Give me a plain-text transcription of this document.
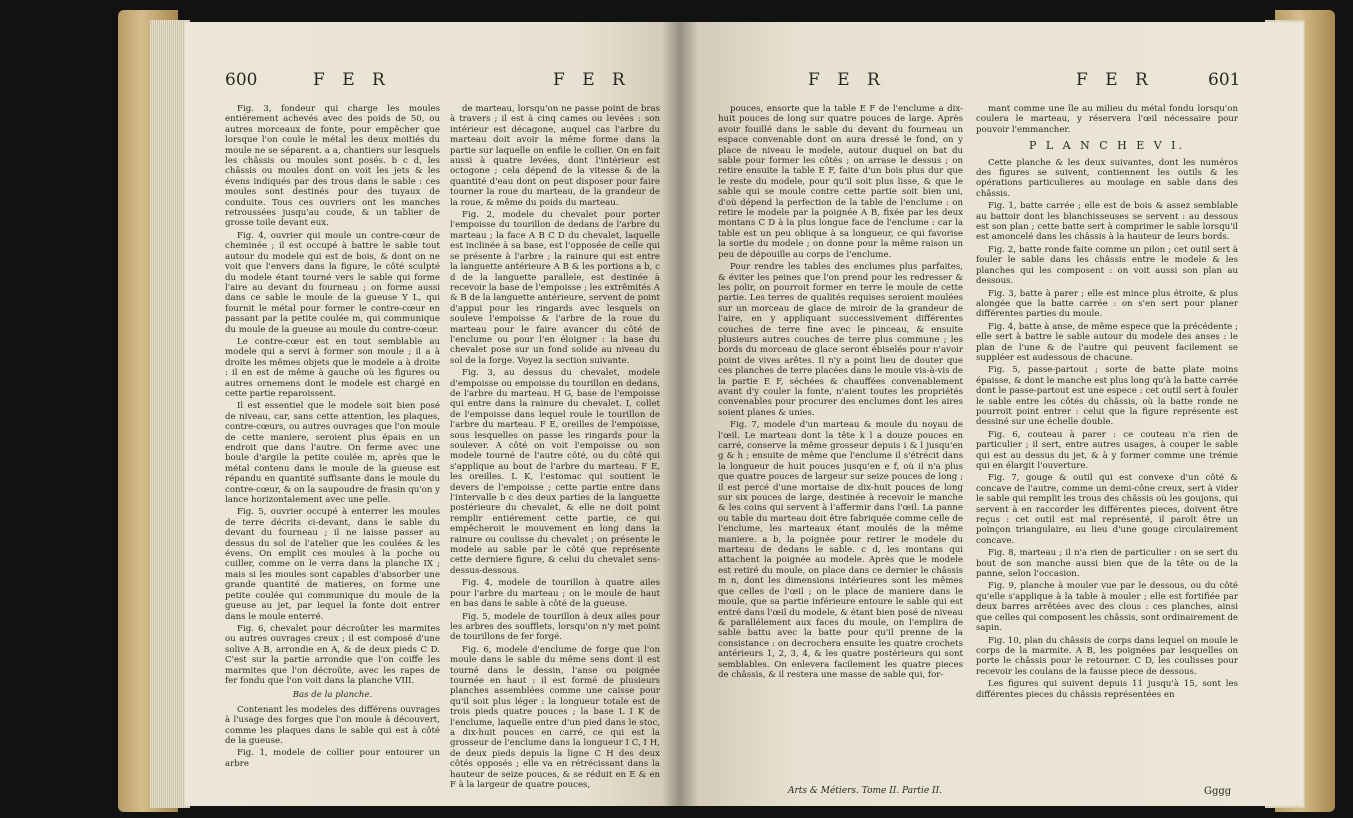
600	F E R	F E R

Fig. 3, fondeur qui charge les moules entiérement achevés avec des poids de 50, ou autres morceaux de fonte, pour empêcher que lorsque l'on coule le métal les deux moitiés du moule ne se séparent. a a, chantiers sur lesquels les châssis ou moules sont posés. b c d, les châssis ou moules dont on voit les jets & les évens indiqués par des trous dans le sable : ces moules sont destinés pour des tuyaux de conduite. Tous ces ouvriers ont les manches retroussées jusqu'au coude, & un tablier de grosse toile devant eux.

Fig. 4, ouvrier qui moule un contre-cœur de cheminée ; il est occupé à battre le sable tout autour du modele qui est de bois, & dont on ne voit que l'envers dans la figure, le côté sculpté du modele étant tourné vers le sable qui forme l'aire au devant du fourneau ; on forme aussi dans ce sable le moule de la gueuse Y L, qui fournit le métal pour former le contre-cœur en passant par la petite coulée m, qui communique du moule de la gueuse au moule du contre-cœur.

Le contre-cœur est en tout semblable au modele qui a servi à former son moule ; il a à droite les mêmes objets que le modele a à droite : il en est de même à gauche où les figures ou autres ornemens dont le modele est chargé en cette partie reparoissent.

Il est essentiel que le modele soit bien posé de niveau, car, sans cette attention, les plaques, contre-cœurs, ou autres ouvrages que l'on moule de cette maniere, seroient plus épais en un endroit que dans l'autre. On ferme avec une boule d'argile la petite coulée m, après que le métal contenu dans le moule de la gueuse est répandu en quantité suffisante dans le moule du contre-cœur, & on la saupoudre de frasin qu'on y lance horizontalement avec une pelle.

Fig. 5, ouvrier occupé à enterrer les moules de terre décrits ci-devant, dans le sable du devant du fourneau ; il ne laisse passer au dessus du sol de l'atelier que les coulées & les évens. On emplit ces moules à la poche ou cuiller, comme on le verra dans la planche IX ; mais si les moules sont capables d'absorber une grande quantité de matieres, on forme une petite coulée qui communique du moule de la gueuse au jet, par lequel la fonte doit entrer dans le moule enterré.

Fig. 6, chevalet pour décroûter les marmites ou autres ouvrages creux ; il est composé d'une solive A B, arrondie en A, & de deux pieds C D. C'est sur la partie arrondie que l'on coiffe les marmites que l'on décroûte, avec les rapes de fer fondu que l'on voit dans la planche VIII.

Bas de la planche.

Contenant les modeles des différens ouvrages à l'usage des forges que l'on moule à découvert, comme les plaques dans le sable qui est à côté de la gueuse.

Fig. 1, modele de collier pour entourer un arbre

de marteau, lorsqu'on ne passe point de bras à travers ; il est à cinq cames ou levées : son intérieur est décagone, auquel cas l'arbre du marteau doit avoir la même forme dans la partie sur laquelle on enfile le collier. On en fait aussi à quatre levées, dont l'intérieur est octogone ; cela dépend de la vitesse & de la quantité d'eau dont on peut disposer pour faire tourner la roue du marteau, de la grandeur de la roue, & même du poids du marteau.

Fig. 2, modele du chevalet pour porter l'empoisse du tourillon de dedans de l'arbre du marteau ; la face A B C D du chevalet, laquelle est inclinée à sa base, est l'opposée de celle qui se présente à l'arbre ; la rainure qui est entre la languette antérieure A B & les portions a b, c d de la languette parallele, est destinée à recevoir la base de l'empoisse ; les extrêmités A & B de la languette antérieure, servent de point d'appui pour les ringards avec lesquels on souleve l'empoisse & l'arbre de la roue du marteau pour le faire avancer du côté de l'enclume ou pour l'en éloigner : la base du chevalet pose sur un fond solide au niveau du sol de la forge. Voyez la section suivante.

Fig. 3, au dessus du chevalet, modele d'empoisse ou empoisse du tourillon en dedans, de l'arbre du marteau. H G, base de l'empoisse qui entre dans la rainure du chevalet. I, collet de l'empoisse dans lequel roule le tourillon de l'arbre du marteau. F E, oreilles de l'empoisse, sous lesquelles on passe les ringards pour la soulever. A côté on voit l'empoisse ou son modele tourné de l'autre côté, ou du côté qui s'applique au bout de l'arbre du marteau. F E, les oreilles. L K, l'estomac qui soutient le devers de l'empoisse ; cette partie entre dans l'intervalle b c des deux parties de la languette postérieure du chevalet, & elle ne doit point remplir entiérement cette partie, ce qui empêcheroit le mouvement en long dans la rainure ou coulisse du chevalet ; on présente le modele au sable par le côté que représente cette derniere figure, & celui du chevalet sens-dessus-dessous.

Fig. 4, modele de tourillon à quatre ailes pour l'arbre du marteau ; on le moule de haut en bas dans le sable à côté de la gueuse.

Fig. 5, modele de tourillon à deux ailes pour les arbres des soufflets, lorsqu'on n'y met point de tourillons de fer forgé.

Fig. 6, modele d'enclume de forge que l'on moule dans le sable du même sens dont il est tourné dans le dessin, l'anse ou poignée tournée en haut : il est formé de plusieurs planches assemblées comme une caisse pour qu'il soit plus léger : la longueur totale est de trois pieds quatre pouces ; la base L I K de l'enclume, laquelle entre d'un pied dans le stoc, a dix-huit pouces en carré, ce qui est la grosseur de l'enclume dans la longueur I C, I H, de deux pieds depuis la ligne C H des deux côtés opposés ; elle va en rétrécissant dans la hauteur de seize pouces, & se réduit en E & en F à la largeur de quatre pouces,

F E R	F E R	601

pouces, ensorte que la table E F de l'enclume a dix-huit pouces de long sur quatre pouces de large. Après avoir fouillé dans le sable du devant du fourneau un espace convenable dont on aura dressé le fond, on y place de niveau le modele, autour duquel on bat du sable pour former les côtés ; on arrase le dessus ; on retire ensuite la table E F, faite d'un bois plus dur que le reste du modele, pour qu'il soit plus lisse, & que le sable qui se moule contre cette partie soit bien uni, d'où dépend la perfection de la table de l'enclume : on retire le modele par la poignée A B, fixée par les deux montans C D à la plus longue face de l'enclume : car la table est un peu oblique à sa longueur, ce qui favorise la sortie du modele ; on donne pour la même raison un peu de dépouille au corps de l'enclume.

Pour rendre les tables des enclumes plus parfaites, & éviter les peines que l'on prend pour les redresser & les polir, on pourroit former en terre le moule de cette partie. Les terres de qualités requises seroient moulées sur un morceau de glace de miroir de la grandeur de l'aire, en y appliquant successivement différentes couches de terre fine avec le pinceau, & ensuite plusieurs autres couches de terre plus commune ; les bords du morceau de glace seront ébiselés pour n'avoir point de vives arêtes. Il n'y a point lieu de douter que ces planches de terre placées dans le moule vis-à-vis de la partie E F, séchées & chauffées convenablement avant d'y couler la fonte, n'aient toutes les propriétés convenables pour procurer des enclumes dont les aires soient planes & unies.

Fig. 7, modele d'un marteau & moule du noyau de l'œil. Le marteau dont la tête k l a douze pouces en carré, conserve la même grosseur depuis i & l jusqu'en g & h ; ensuite de même que l'enclume il s'étrécit dans la longueur de huit pouces jusqu'en e f, où il n'a plus que quatre pouces de largeur sur seize pouces de long ; il est percé d'une mortaise de dix-huit pouces de long sur six pouces de large, destinée à recevoir le manche & les coins qui servent à l'affermir dans l'œil. La panne ou table du marteau doit être fabriquée comme celle de l'enclume, les marteaux étant moulés de la même maniere. a b, la poignée pour retirer le modele du marteau de dedans le sable. c d, les montans qui attachent la poignée au modele. Après que le modele est retiré du moule, on place dans ce dernier le châssis m n, dont les dimensions intérieures sont les mêmes que celles de l'œil ; on le place de maniere dans le moule, que sa partie inférieure entoure le sable qui est entré dans l'œil du modele, & étant bien posé de niveau & parallélement aux faces du moule, on l'emplira de sable battu avec la batte pour qu'il prenne de la consistance : on decrochera ensuite les quatre crochets antérieurs 1, 2, 3, 4, & les quatre postérieurs qui sont semblables. On enlevera facilement les quatre pieces de châssis, & il restera une masse de sable qui, for-

mant comme une île au milieu du métal fondu lorsqu'on coulera le marteau, y réservera l'œil nécessaire pour pouvoir l'emmancher.

P L A N C H E V I.

Cette planche & les deux suivantes, dont les numéros des figures se suivent, contiennent les outils & les opérations particulieres au moulage en sable dans des châssis.

Fig. 1, batte carrée ; elle est de bois & assez semblable au battoir dont les blanchisseuses se servent : au dessous est son plan ; cette batte sert à comprimer le sable lorsqu'il est amoncelé dans les châssis à la hauteur de leurs bords.

Fig. 2, batte ronde faite comme un pilon ; cet outil sert à fouler le sable dans les châssis entre le modele & les planches qui les composent : on voit aussi son plan au dessous.

Fig. 3, batte à parer ; elle est mince plus étroite, & plus alongée que la batte carrée : on s'en sert pour planer différentes parties du moule.

Fig. 4, batte à anse, de même espece que la précédente ; elle sert à battre le sable autour du modele des anses : le plan de l'une & de l'autre qui peuvent facilement se suppléer est audessous de chacune.

Fig. 5, passe-partout ; sorte de batte plate moins épaisse, & dont le manche est plus long qu'à la batte carrée dont le passe-partout est une espece : cet outil sert à fouler le sable entre les côtés du châssis, où la batte ronde ne pourroit point entrer : celui que la figure représente est dessiné sur une échelle double.

Fig. 6, couteau à parer : ce couteau n'a rien de particulier ; il sert, entre autres usages, à couper le sable qui est au dessus du jet, & à y former comme une trémie qui en élargit l'ouverture.

Fig. 7, gouge & outil qui est convexe d'un côté & concave de l'autre, comme un demi-cône creux, sert à vider le sable qui remplit les trous des châssis où les goujons, qui servent à en raccorder les différentes pieces, doivent être reçus : cet outil est mal représenté, il paroît être un poinçon triangulaire, au lieu d'une gouge circulairement concave.

Fig. 8, marteau ; il n'a rien de particulier : on se sert du bout de son manche aussi bien que de la tête ou de la panne, selon l'occasion.

Fig. 9, planche à mouler vue par le dessous, ou du côté qu'elle s'applique à la table à mouler ; elle est fortifiée par deux barres arrêtées avec des clous : ces planches, ainsi que celles qui composent les châssis, sont ordinairement de sapin.

Fig. 10, plan du châssis de corps dans lequel on moule le corps de la marmite. A B, les poignées par lesquelles on porte le châssis pour le retourner. C D, les coulisses pour recevoir les coulans de la fausse piece de dessous.

Les figures qui suivent depuis 11 jusqu'à 15, sont les différentes pieces du châssis représentées en

Arts & Métiers. Tome II. Partie II.	Gggg
